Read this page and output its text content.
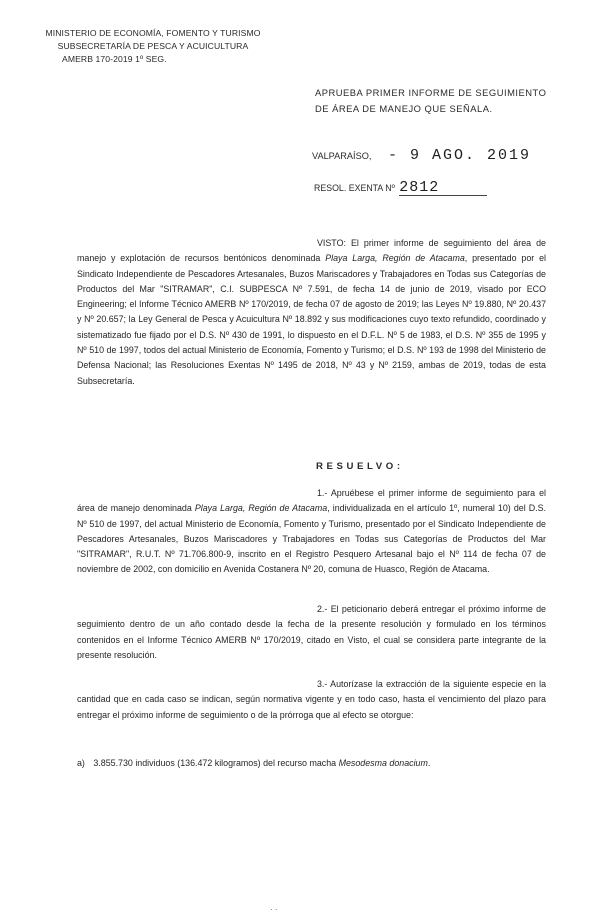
MINISTERIO DE ECONOMÍA, FOMENTO Y TURISMO
SUBSECRETARÍA DE PESCA Y ACUICULTURA
AMERB 170-2019 1º SEG.
APRUEBA PRIMER INFORME DE SEGUIMIENTO DE ÁREA DE MANEJO QUE SEÑALA.
VALPARAÍSO, - 9 AGO. 2019
RESOL. EXENTA Nº 2812

VISTO: El primer informe de seguimiento del área de manejo y explotación de recursos bentónicos denominada Playa Larga, Región de Atacama, presentado por el Sindicato Independiente de Pescadores Artesanales, Buzos Mariscadores y Trabajadores en Todas sus Categorías de Productos del Mar "SITRAMAR", C.I. SUBPESCA Nº 7.591, de fecha 14 de junio de 2019, visado por ECO Engineering; el Informe Técnico AMERB Nº 170/2019, de fecha 07 de agosto de 2019; las Leyes Nº 19.880, Nº 20.437 y Nº 20.657; la Ley General de Pesca y Acuicultura Nº 18.892 y sus modificaciones cuyo texto refundido, coordinado y sistematizado fue fijado por el D.S. Nº 430 de 1991, lo dispuesto en el D.F.L. Nº 5 de 1983, el D.S. Nº 355 de 1995 y Nº 510 de 1997, todos del actual Ministerio de Economía, Fomento y Turismo; el D.S. Nº 193 de 1998 del Ministerio de Defensa Nacional; las Resoluciones Exentas Nº 1495 de 2018, Nº 43 y Nº 2159, ambas de 2019, todas de esta Subsecretaría.

RESUELVO:

1.- Apruébese el primer informe de seguimiento para el área de manejo denominada Playa Larga, Región de Atacama, individualizada en el artículo 1º, numeral 10) del D.S. Nº 510 de 1997, del actual Ministerio de Economía, Fomento y Turismo, presentado por el Sindicato Independiente de Pescadores Artesanales, Buzos Mariscadores y Trabajadores en Todas sus Categorías de Productos del Mar "SITRAMAR", R.U.T. Nº 71.706.800-9, inscrito en el Registro Pesquero Artesanal bajo el Nº 114 de fecha 07 de noviembre de 2002, con domicilio en Avenida Costanera Nº 20, comuna de Huasco, Región de Atacama.

2.- El peticionario deberá entregar el próximo informe de seguimiento dentro de un año contado desde la fecha de la presente resolución y formulado en los términos contenidos en el Informe Técnico AMERB Nº 170/2019, citado en Visto, el cual se considera parte integrante de la presente resolución.

3.- Autorízase la extracción de la siguiente especie en la cantidad que en cada caso se indican, según normativa vigente y en todo caso, hasta el vencimiento del plazo para entregar el próximo informe de seguimiento o de la prórroga que al efecto se otorgue:

a) 3.855.730 individuos (136.472 kilogramos) del recurso macha Mesodesma donacium.
· ·
